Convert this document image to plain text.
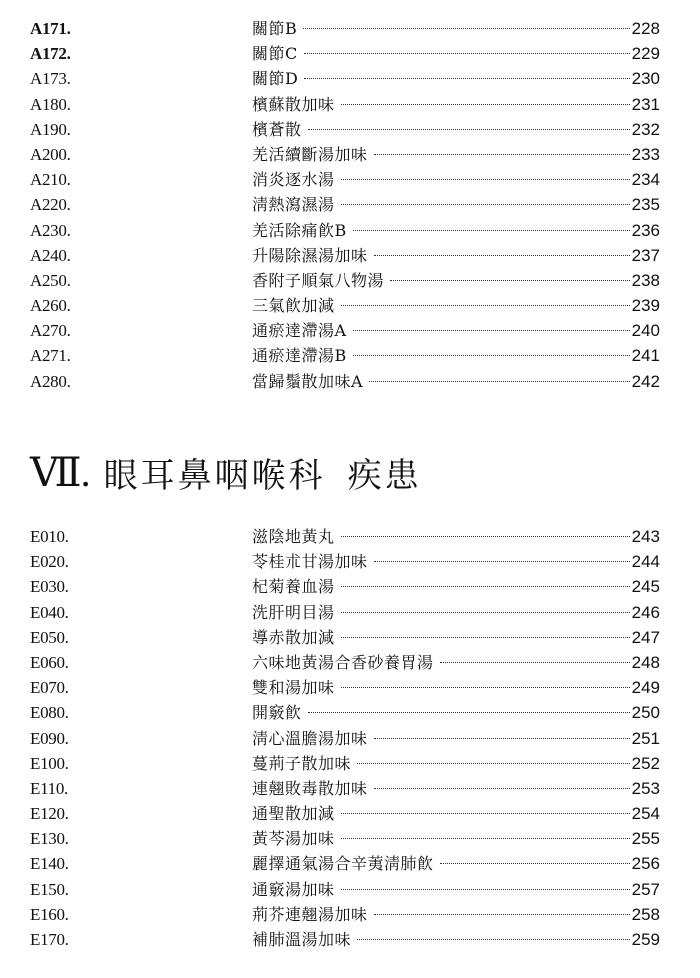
A171.	關節B	228
A172.	關節C	229
A173.	關節D	230
A180.	檳蘇散加味	231
A190.	檳蒼散	232
A200.	羌活續斷湯加味	233
A210.	消炎逐水湯	234
A220.	淸熱瀉濕湯	235
A230.	羌活除痛飮B	236
A240.	升陽除濕湯加味	237
A250.	香附子順氣八物湯	238
A260.	三氣飮加減	239
A270.	通瘀達滯湯A	240
A271.	通瘀達滯湯B	241
A280.	當歸鬚散加味A	242
Ⅶ. 眼耳鼻咽喉科 疾患
E010.	滋陰地黃丸	243
E020.	苓桂朮甘湯加味	244
E030.	杞菊養血湯	245
E040.	洗肝明目湯	246
E050.	導赤散加減	247
E060.	六味地黃湯合香砂養胃湯	248
E070.	雙和湯加味	249
E080.	開竅飮	250
E090.	淸心溫膽湯加味	251
E100.	蔓荊子散加味	252
E110.	連翹敗毒散加味	253
E120.	通聖散加減	254
E130.	黃芩湯加味	255
E140.	麗擇通氣湯合辛荑淸肺飮	256
E150.	通竅湯加味	257
E160.	荊芥連翹湯加味	258
E170.	補肺溫湯加味	259
